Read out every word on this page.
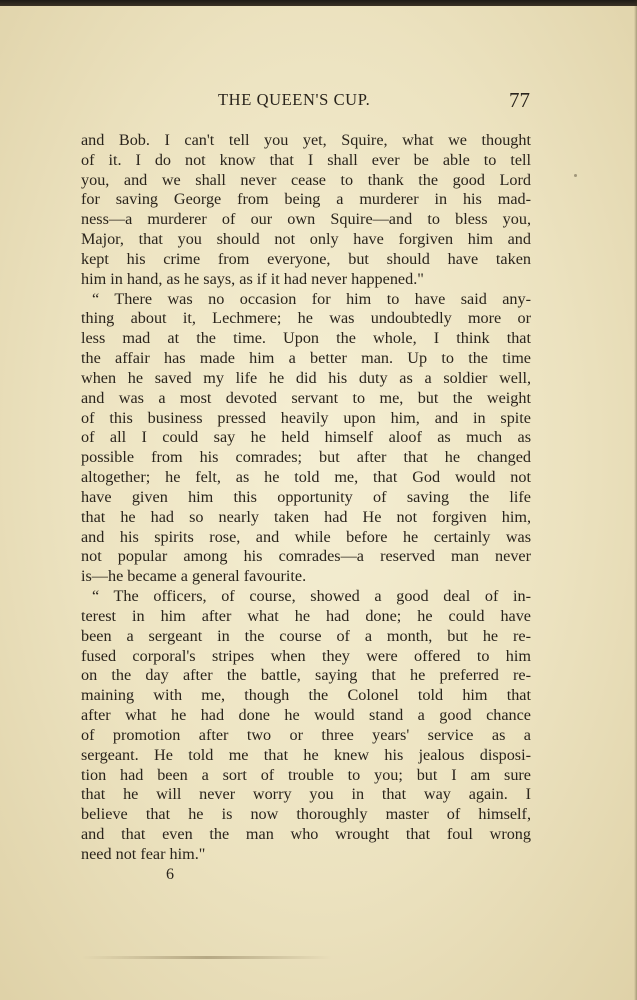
THE QUEEN'S CUP.	77
and Bob. I can't tell you yet, Squire, what we thought
of it. I do not know that I shall ever be able to tell
you, and we shall never cease to thank the good Lord
for saving George from being a murderer in his mad-
ness—a murderer of our own Squire—and to bless you,
Major, that you should not only have forgiven him and
kept his crime from everyone, but should have taken
him in hand, as he says, as if it had never happened."
“ There was no occasion for him to have said any-
thing about it, Lechmere; he was undoubtedly more or
less mad at the time. Upon the whole, I think that
the affair has made him a better man. Up to the time
when he saved my life he did his duty as a soldier well,
and was a most devoted servant to me, but the weight
of this business pressed heavily upon him, and in spite
of all I could say he held himself aloof as much as
possible from his comrades; but after that he changed
altogether; he felt, as he told me, that God would not
have given him this opportunity of saving the life
that he had so nearly taken had He not forgiven him,
and his spirits rose, and while before he certainly was
not popular among his comrades—a reserved man never
is—he became a general favourite.
“ The officers, of course, showed a good deal of in-
terest in him after what he had done; he could have
been a sergeant in the course of a month, but he re-
fused corporal's stripes when they were offered to him
on the day after the battle, saying that he preferred re-
maining with me, though the Colonel told him that
after what he had done he would stand a good chance
of promotion after two or three years' service as a
sergeant. He told me that he knew his jealous disposi-
tion had been a sort of trouble to you; but I am sure
that he will never worry you in that way again. I
believe that he is now thoroughly master of himself,
and that even the man who wrought that foul wrong
need not fear him."
6
